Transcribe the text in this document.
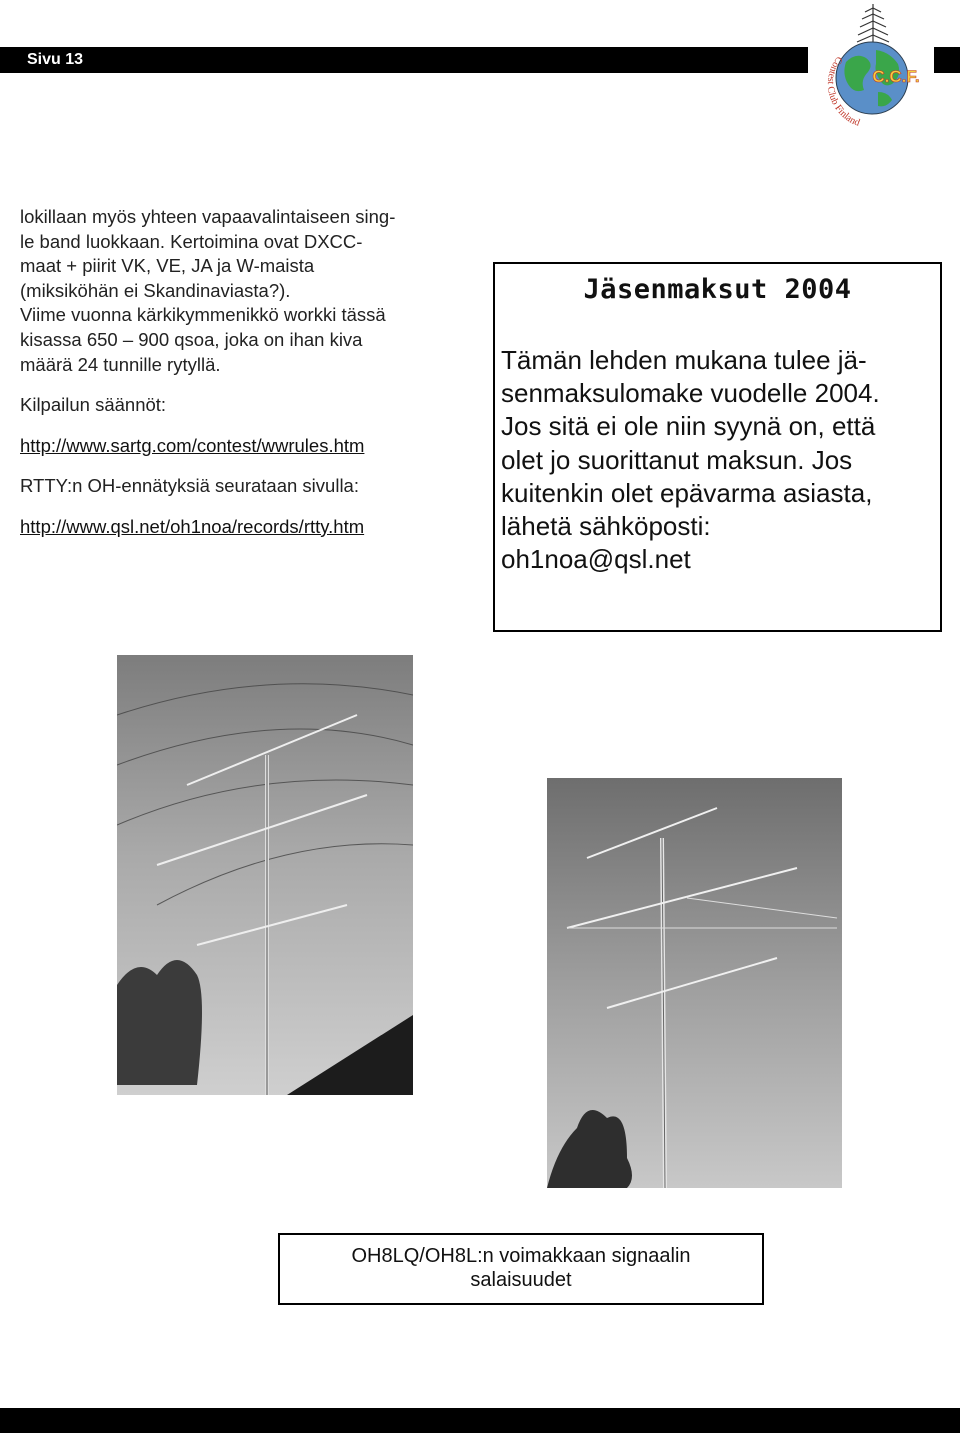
Sivu 13	Contest Club Finland
C.C.F.

lokillaan myös yhteen vapaavalintaiseen sing-

le band luokkaan. Kertoimina ovat DXCC-

maat + piirit VK, VE, JA ja W-maista

(miksiköhän ei Skandinaviasta?).

Viime vuonna kärkikymmenikkö workki tässä

kisassa 650 – 900 qsoa, joka on ihan kiva

määrä 24 tunnille rytyllä.

Kilpailun säännöt:

http://www.sartg.com/contest/wwrules.htm

RTTY:n OH-ennätyksiä seurataan sivulla:

http://www.qsl.net/oh1noa/records/rtty.htm

Jäsenmaksut 2004
Tämän lehden mukana tulee jä-
senmaksulomake vuodelle 2004.
Jos sitä ei ole niin syynä on, että
olet jo suorittanut maksun. Jos
kuitenkin olet epävarma asiasta,
lähetä sähköposti:
oh1noa@qsl.net
OH8LQ/OH8L:n voimakkaan signaalin
salaisuudet
